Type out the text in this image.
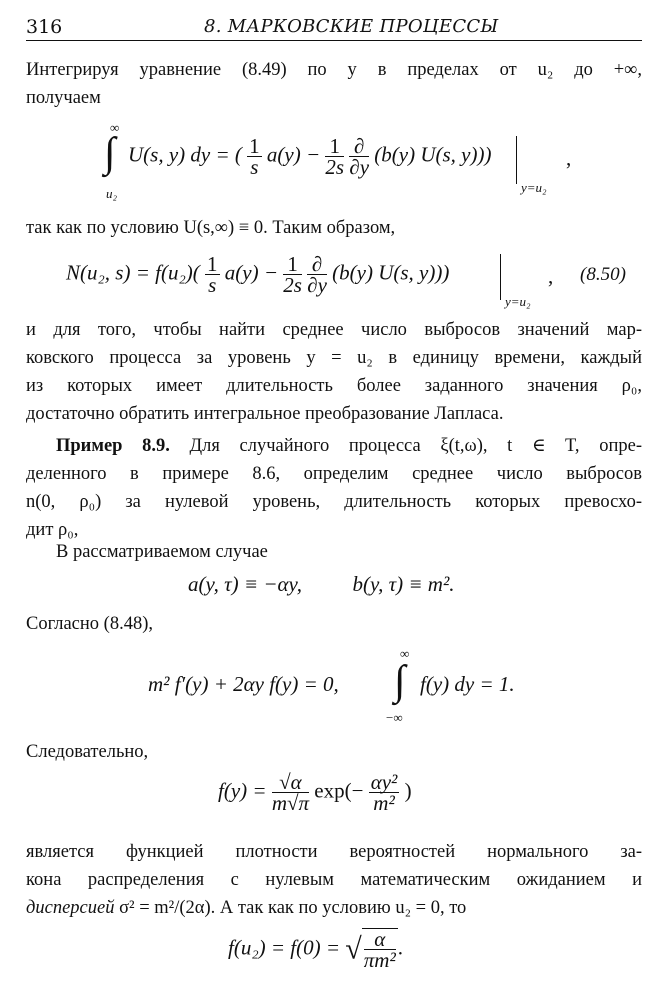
316	8. МАРКОВСКИЕ ПРОЦЕССЫ
Интегрируя уравнение (8.49) по y в пределах от u₂ до +∞,
получаем
∞
∫
u₂
U(s, y) dy = ( $\frac{1}{s} a(y) - \frac{1}{2s}$
$\frac{\partial}{\partial y} (b(y)$ U(s, y)))
y=u₂
,
так как по условию U(s,∞) ≡ 0. Таким образом,
N(u₂, $s) = f(u_2)( \frac{1}{s} a(y) - \frac{1}{2s}$
$\frac{\partial}{\partial y} (b(y)$ U(s, y)))
y=u₂
, (8.50)
и для того, чтобы найти среднее число выбросов значений мар-
ковского процесса за уровень y = u₂ в единицу времени, каждый
из которых имеет длительность более заданного значения ρ₀,
достаточно обратить интегральное преобразование Лапласа.
Пример 8.9. Для случайного процесса ξ(t,ω), t ∈ T, опре-
деленного в примере 8.6, определим среднее число выбросов
n(0, ρ₀) за нулевой уровень, длительность которых превосхо-
дит ρ₀,
В рассматриваемом случае
a(y, τ) ≡ −αy, b(y, τ) ≡ m².
Согласно (8.48),
m² f′(y) + 2αy f(y) = 0,
∞
∫
−∞
f(y) dy = 1.
Следовательно,
$f(y) = \frac{√\alpha}{m√\pi} \exp(- \frac{\text{αy²}}{\text{m²}}$ )
является функцией плотности вероятностей нормального за-
кона распределения с нулевым математическим ожиданием и
дисперсией σ² = m²/(2α). А так как по условию u₂ = 0, то
f(u₂) = f(0) = √ $\frac{\alpha}{\text{πm²}}$ .
